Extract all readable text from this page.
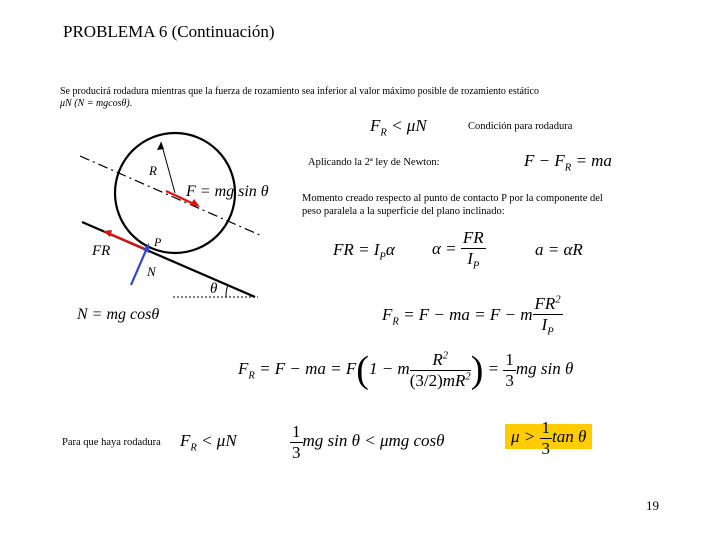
PROBLEMA 6 (Continuación)
Se producirá rodadura mientras que la fuerza de rozamiento sea inferior al valor máximo posible de rozamiento estático
μN (N = mgcosθ).
$F_R < \mu N$	Condición para rodadura
Aplicando la 2ª ley de Newton:	$F - F_R$ = ma
Momento creado respecto al punto de contacto P por la componente del
peso paralela a la superficie del plano inclinado:
FR = $I_P\alpha$ $\alpha = \frac{FR}{I_P}$	a = αR
$F_R = F$ − ma = F − m $\frac{FR^2}{I_P}$
$F_R = F$ − ma = F(1 − m $\frac{R^2}{(3/2)mR^2}$ ) = $\frac{1}{3}$ mg sin θ
Para que haya rodadura $F_R < \mu N$	$\frac{1}{3}$ mg sin θ < μmg cosθ	$\mu > \frac{1}{3}$ tan θ
19
R
F = mg sin θ
FR
P
N
θ
N = mg cosθ
